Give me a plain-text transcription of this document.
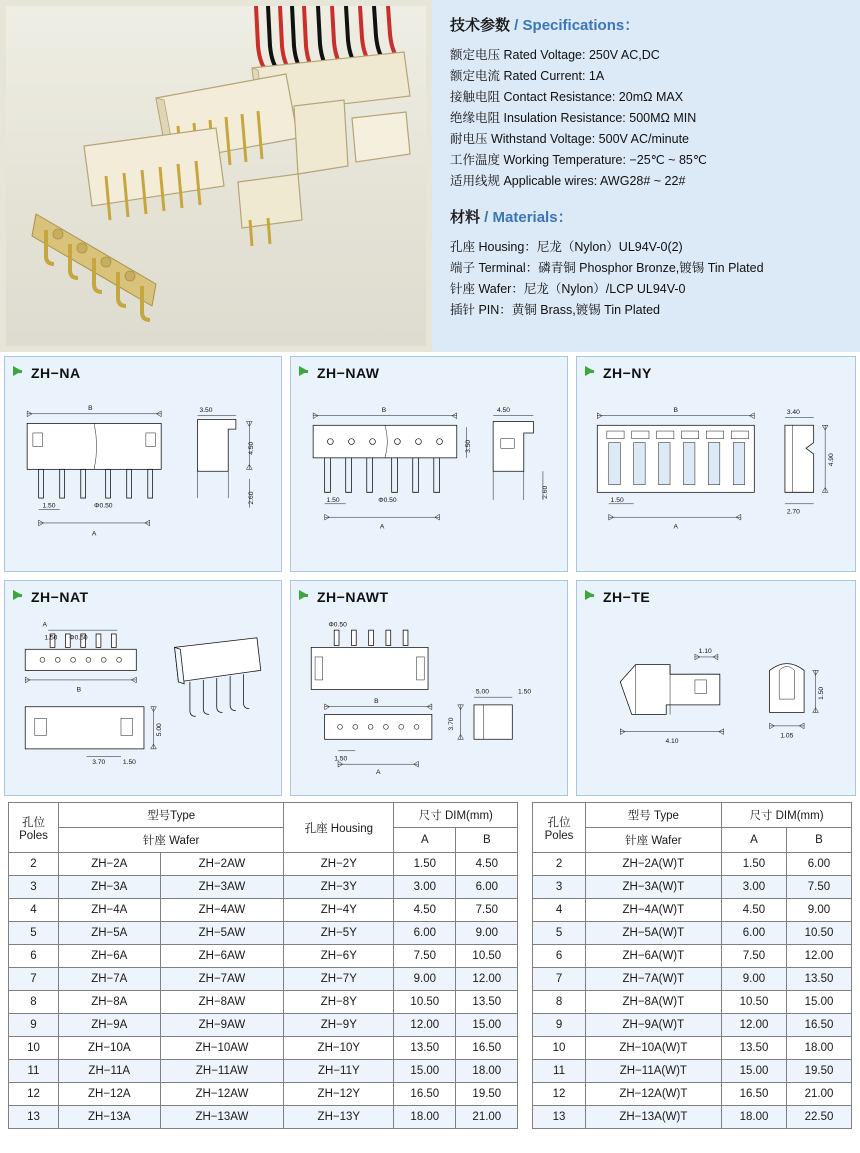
技术参数 / Specifications：
额定电压 Rated Voltage: 250V AC,DC
额定电流 Rated Current: 1A
接触电阻 Contact Resistance: 20mΩ MAX
绝缘电阻 Insulation Resistance: 500MΩ MIN
耐电压 Withstand Voltage: 500V AC/minute
工作温度 Working Temperature: −25℃ ~ 85℃
适用线规 Applicable wires: AWG28# ~ 22#
材料 / Materials：
孔座 Housing：尼龙（Nylon）UL94V-0(2)
端子 Terminal：磷青铜 Phosphor Bronze,镀锡 Tin Plated
针座 Wafer：尼龙（Nylon）/LCP UL94V-0
插针 PIN：黄铜 Brass,镀锡 Tin Plated
ZH−NA
B
1.50	Φ0.50
A
3.50
4.50
2.60
ZH−NAW
B
3.50
1.50	Φ0.50
A
4.50
2.60
ZH−NY
B
1.50
A
3.40
4.90
2.70
ZH−NAT
A
1.50 Φ0.50
B
5.00
3.70	1.50
ZH−NAWT
Φ0.50
B
1.50
A
5.00	1.50
3.70
ZH−TE
1.10
4.10
1.50
1.05
孔位
Poles	型号Type		孔座 Housing	尺寸 DIM(mm)	
	针座 Wafer			A	B
2	ZH−2A	ZH−2AW	ZH−2Y	1.50	4.50
3	ZH−3A	ZH−3AW	ZH−3Y	3.00	6.00
4	ZH−4A	ZH−4AW	ZH−4Y	4.50	7.50
5	ZH−5A	ZH−5AW	ZH−5Y	6.00	9.00
6	ZH−6A	ZH−6AW	ZH−6Y	7.50	10.50
7	ZH−7A	ZH−7AW	ZH−7Y	9.00	12.00
8	ZH−8A	ZH−8AW	ZH−8Y	10.50	13.50
9	ZH−9A	ZH−9AW	ZH−9Y	12.00	15.00
10	ZH−10A	ZH−10AW	ZH−10Y	13.50	16.50
11	ZH−11A	ZH−11AW	ZH−11Y	15.00	18.00
12	ZH−12A	ZH−12AW	ZH−12Y	16.50	19.50
13	ZH−13A	ZH−13AW	ZH−13Y	18.00	21.00
孔位
Poles	型号 Type	尺寸 DIM(mm)	
	针座 Wafer	A	B
2	ZH−2A(W)T	1.50	6.00
3	ZH−3A(W)T	3.00	7.50
4	ZH−4A(W)T	4.50	9.00
5	ZH−5A(W)T	6.00	10.50
6	ZH−6A(W)T	7.50	12.00
7	ZH−7A(W)T	9.00	13.50
8	ZH−8A(W)T	10.50	15.00
9	ZH−9A(W)T	12.00	16.50
10	ZH−10A(W)T	13.50	18.00
11	ZH−11A(W)T	15.00	19.50
12	ZH−12A(W)T	16.50	21.00
13	ZH−13A(W)T	18.00	22.50
